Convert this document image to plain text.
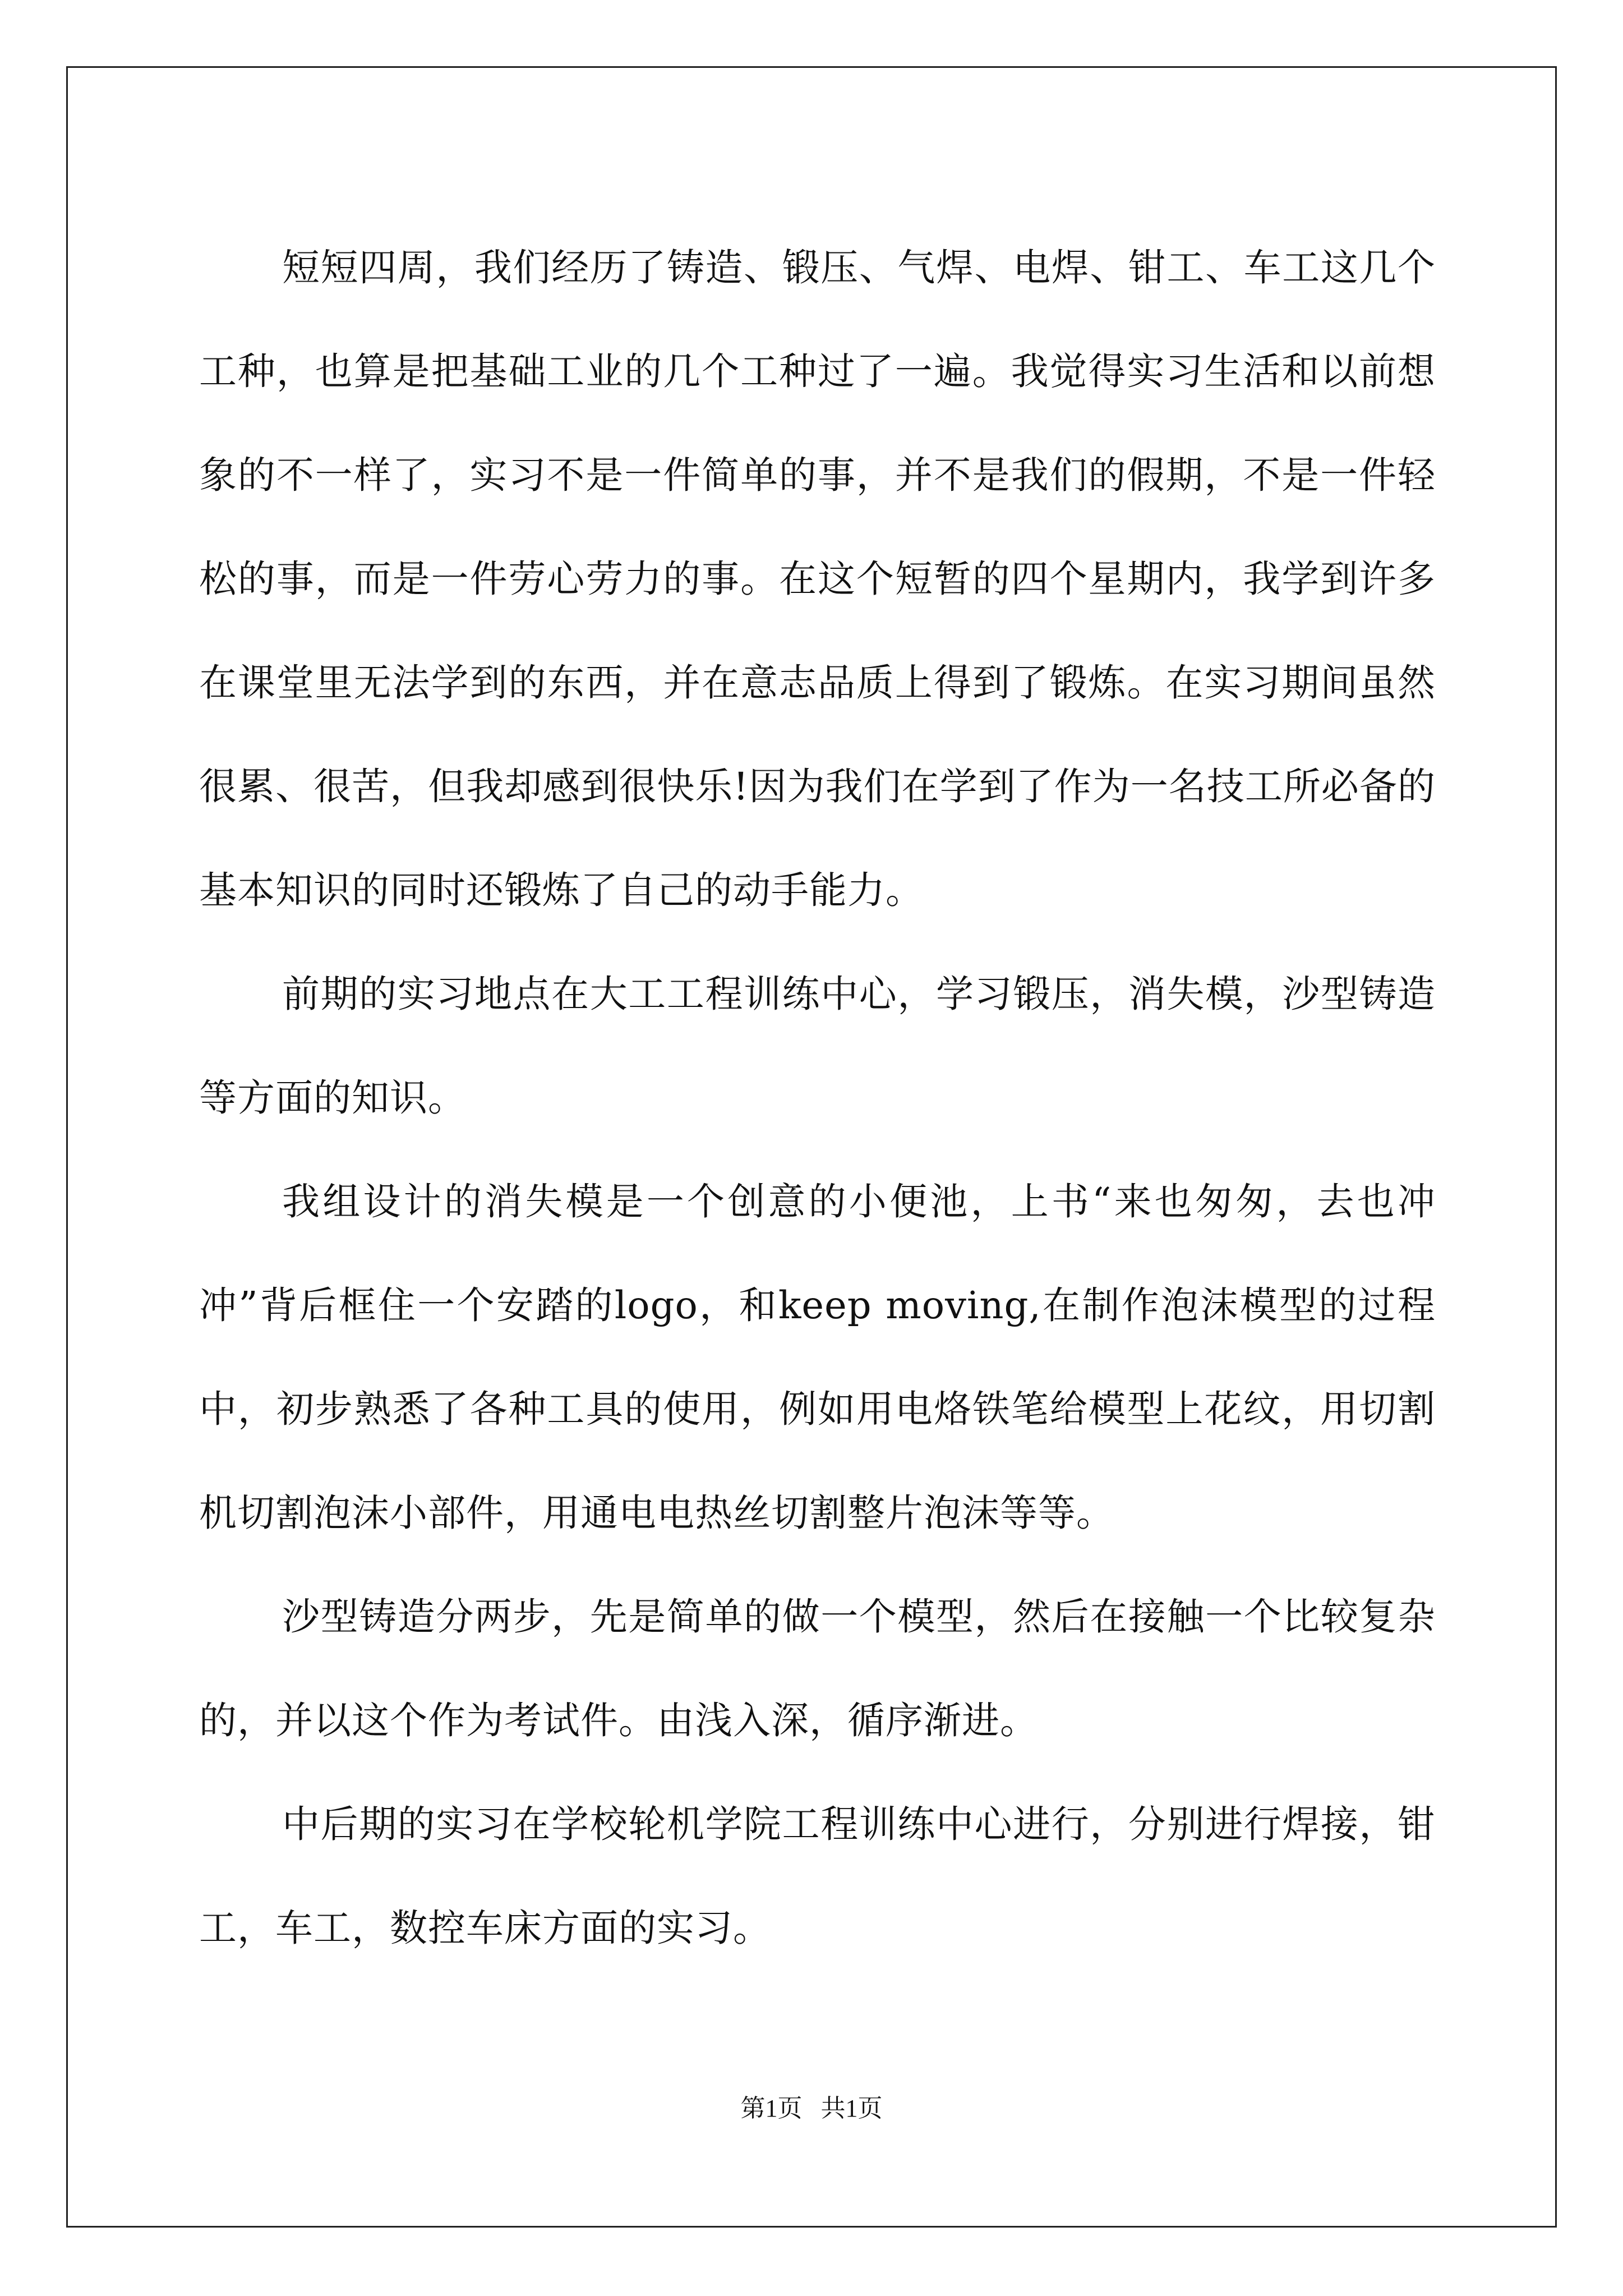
短短四周，我们经历了铸造、锻压、气焊、电焊、钳工、车工这几个工种，也算是把基础工业的几个工种过了一遍。我觉得实习生活和以前想象的不一样了，实习不是一件简单的事，并不是我们的假期，不是一件轻松的事，而是一件劳心劳力的事。在这个短暂的四个星期内，我学到许多在课堂里无法学到的东西，并在意志品质上得到了锻炼。在实习期间虽然很累、很苦，但我却感到很快乐!因为我们在学到了作为一名技工所必备的基本知识的同时还锻炼了自己的动手能力。

前期的实习地点在大工工程训练中心，学习锻压，消失模，沙型铸造等方面的知识。

我组设计的消失模是一个创意的小便池，上书“来也匆匆，去也冲冲”背后框住一个安踏的logo，和keep moving,在制作泡沫模型的过程中，初步熟悉了各种工具的使用，例如用电烙铁笔给模型上花纹，用切割机切割泡沫小部件，用通电电热丝切割整片泡沫等等。

沙型铸造分两步，先是简单的做一个模型，然后在接触一个比较复杂的，并以这个作为考试件。由浅入深，循序渐进。

中后期的实习在学校轮机学院工程训练中心进行，分别进行焊接，钳工，车工，数控车床方面的实习。

第1页   共1页
